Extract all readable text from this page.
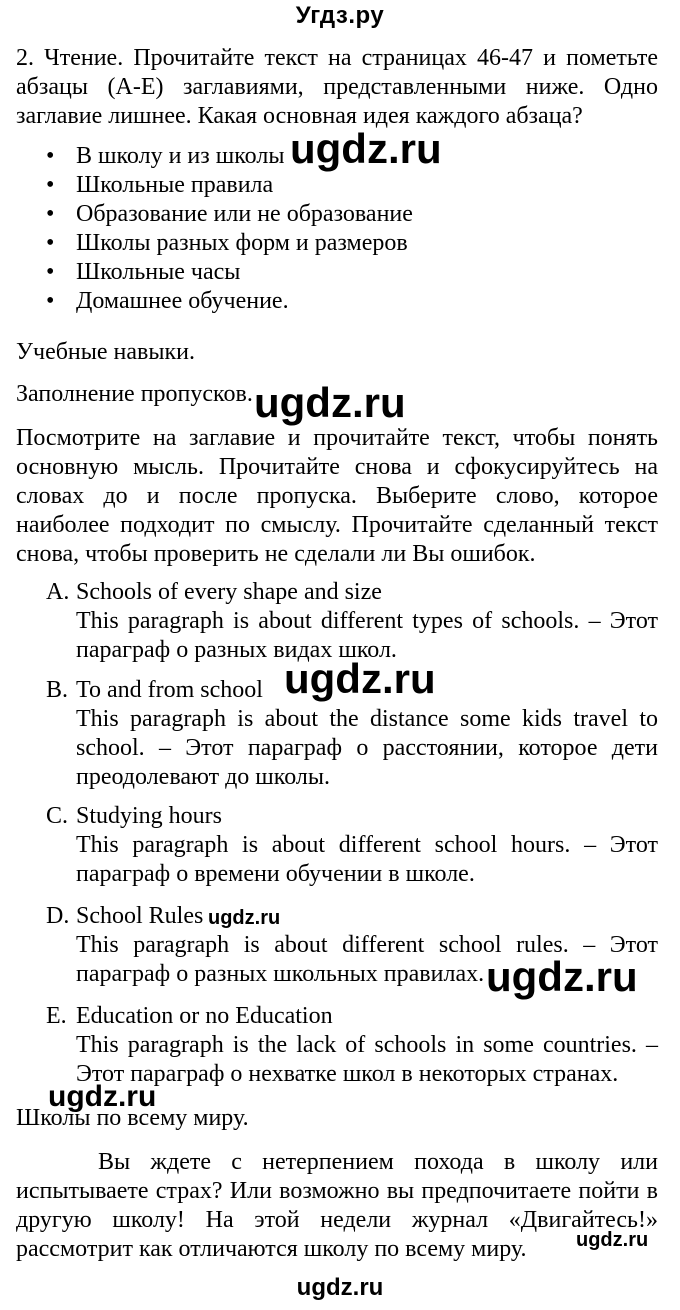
Угдз.ру
2. Чтение. Прочитайте текст на страницах 46-47 и пометьте абзацы (A-E) заглавиями, представленными ниже. Одно заглавие лишнее. Какая основная идея каждого абзаца?
• В школу и из школы
• Школьные правила
• Образование или не образование
• Школы разных форм и размеров
• Школьные часы
• Домашнее обучение.
Учебные навыки.
Заполнение пропусков.
Посмотрите на заглавие и прочитайте текст, чтобы понять основную мысль. Прочитайте снова и сфокусируйтесь на словах до и после пропуска. Выберите слово, которое наиболее подходит по смыслу. Прочитайте сделанный текст снова, чтобы проверить не сделали ли Вы ошибок.
A. Schools of every shape and size
This paragraph is about different types of schools. – Этот параграф о разных видах школ.
B. To and from school
This paragraph is about the distance some kids travel to school. – Этот параграф о расстоянии, которое дети преодолевают до школы.
C. Studying hours
This paragraph is about different school hours. – Этот параграф о времени обучении в школе.
D. School Rules
This paragraph is about different school rules. – Этот параграф о разных школьных правилах.
E. Education or no Education
This paragraph is the lack of schools in some countries. – Этот параграф о нехватке школ в некоторых странах.
Школы по всему миру.
Вы ждете с нетерпением похода в школу или испытываете страх? Или возможно вы предпочитаете пойти в другую школу! На этой недели журнал «Двигайтесь!» рассмотрит как отличаются школу по всему миру.
ugdz.ru
ugdz.ru
ugdz.ru
ugdz.ru
ugdz.ru
ugdz.ru
ugdz.ru
ugdz.ru
